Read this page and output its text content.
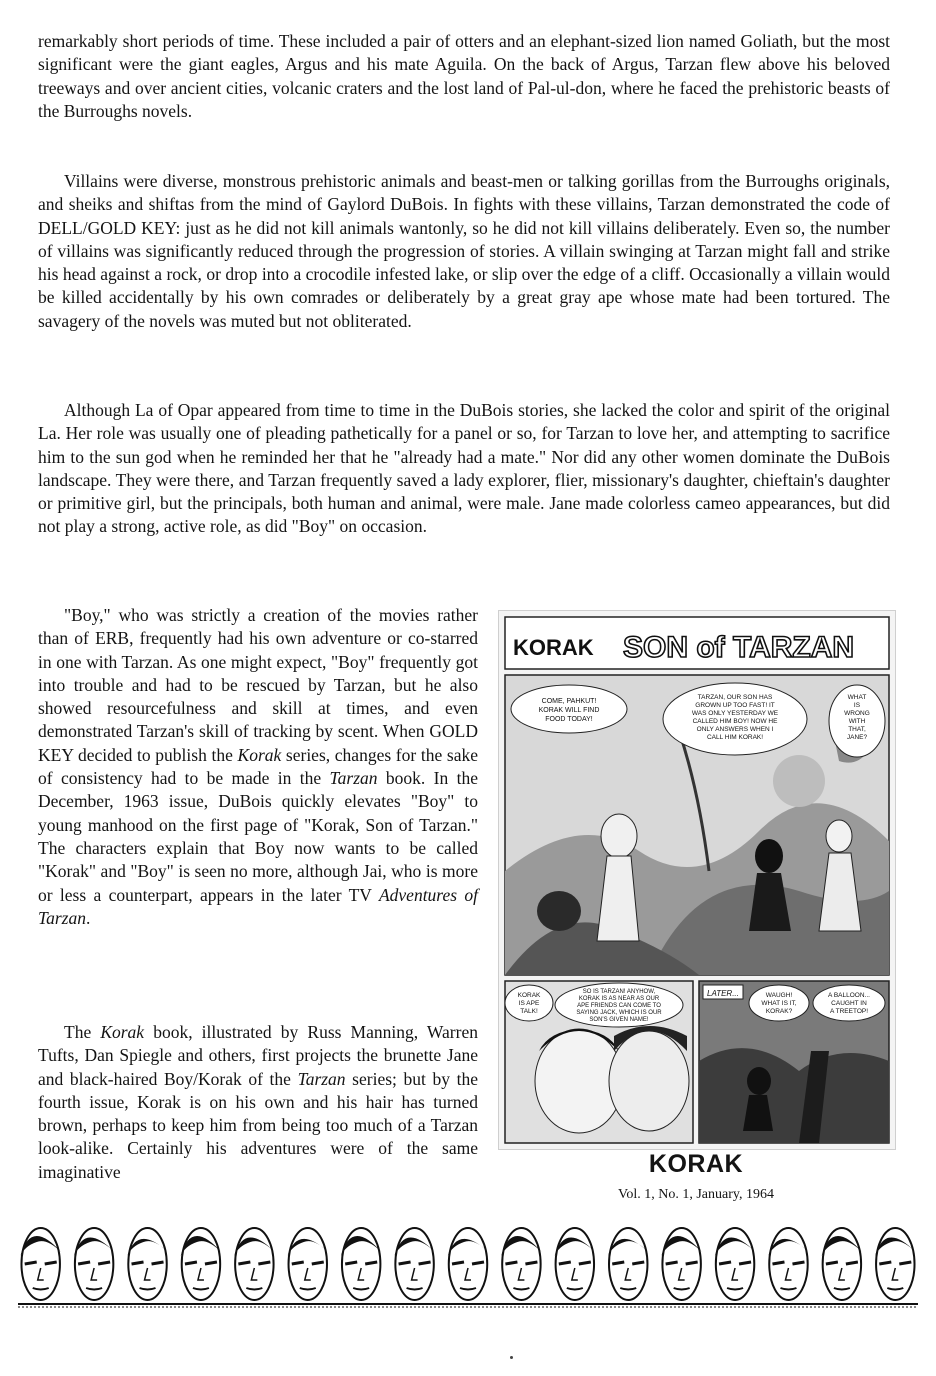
remarkably short periods of time. These included a pair of otters and an elephant-sized lion named Goliath, but the most significant were the giant eagles, Argus and his mate Aguila. On the back of Argus, Tarzan flew above his beloved treeways and over ancient cities, volcanic craters and the lost land of Pal-ul-don, where he faced the prehistoric beasts of the Burroughs novels.

Villains were diverse, monstrous prehistoric animals and beast-men or talking gorillas from the Burroughs originals, and sheiks and shiftas from the mind of Gaylord DuBois. In fights with these villains, Tarzan demonstrated the code of DELL/GOLD KEY: just as he did not kill animals wantonly, so he did not kill villains deliberately. Even so, the number of villains was significantly reduced through the progression of stories. A villain swinging at Tarzan might fall and strike his head against a rock, or drop into a crocodile infested lake, or slip over the edge of a cliff. Occasionally a villain would be killed accidentally by his own comrades or deliberately by a great gray ape whose mate had been tortured. The savagery of the novels was muted but not obliterated.

Although La of Opar appeared from time to time in the DuBois stories, she lacked the color and spirit of the original La. Her role was usually one of pleading pathetically for a panel or so, for Tarzan to love her, and attempting to sacrifice him to the sun god when he reminded her that he "already had a mate." Nor did any other women dominate the DuBois landscape. They were there, and Tarzan frequently saved a lady explorer, flier, missionary's daughter, chieftain's daughter or primitive girl, but the principals, both human and animal, were male. Jane made colorless cameo appearances, but did not play a strong, active role, as did "Boy" on occasion.

"Boy," who was strictly a creation of the movies rather than of ERB, frequently had his own adventure or co-starred in one with Tarzan. As one might expect, "Boy" frequently got into trouble and had to be rescued by Tarzan, but he also showed resourcefulness and skill at times, and even demonstrated Tarzan's skill of tracking by scent. When GOLD KEY decided to publish the Korak series, changes for the sake of consistency had to be made in the Tarzan book. In the December, 1963 issue, DuBois quickly elevates "Boy" to young manhood on the first page of "Korak, Son of Tarzan." The characters explain that Boy now wants to be called "Korak" and "Boy" is seen no more, although Jai, who is more or less a counterpart, appears in the later TV Adventures of Tarzan.

The Korak book, illustrated by Russ Manning, Warren Tufts, Dan Spiegle and others, first projects the brunette Jane and black-haired Boy/Korak of the Tarzan series; but by the fourth issue, Korak is on his own and his hair has turned brown, perhaps to keep him from being too much of a Tarzan look-alike. Certainly his adventures were of the same imaginative

KORAK SON of TARZAN
COME, PAHKUT! KORAK WILL FIND FOOD TODAY!
TARZAN, OUR SON HAS GROWN UP TOO FAST! IT WAS ONLY YESTERDAY WE CALLED HIM BOY! NOW HE ONLY ANSWERS WHEN I CALL HIM KORAK!
WHAT IS WRONG WITH THAT, JANE?
KORAK IS APE TALK!
SO IS TARZAN! ANYHOW, KORAK IS AS NEAR AS OUR APE FRIENDS CAN COME TO SAYING JACK, WHICH IS OUR SON'S GIVEN NAME!
LATER...	WAUGH! WHAT IS IT, KORAK?
A BALLOON... CAUGHT IN A TREETOP!
KORAK
Vol. 1, No. 1, January, 1964
